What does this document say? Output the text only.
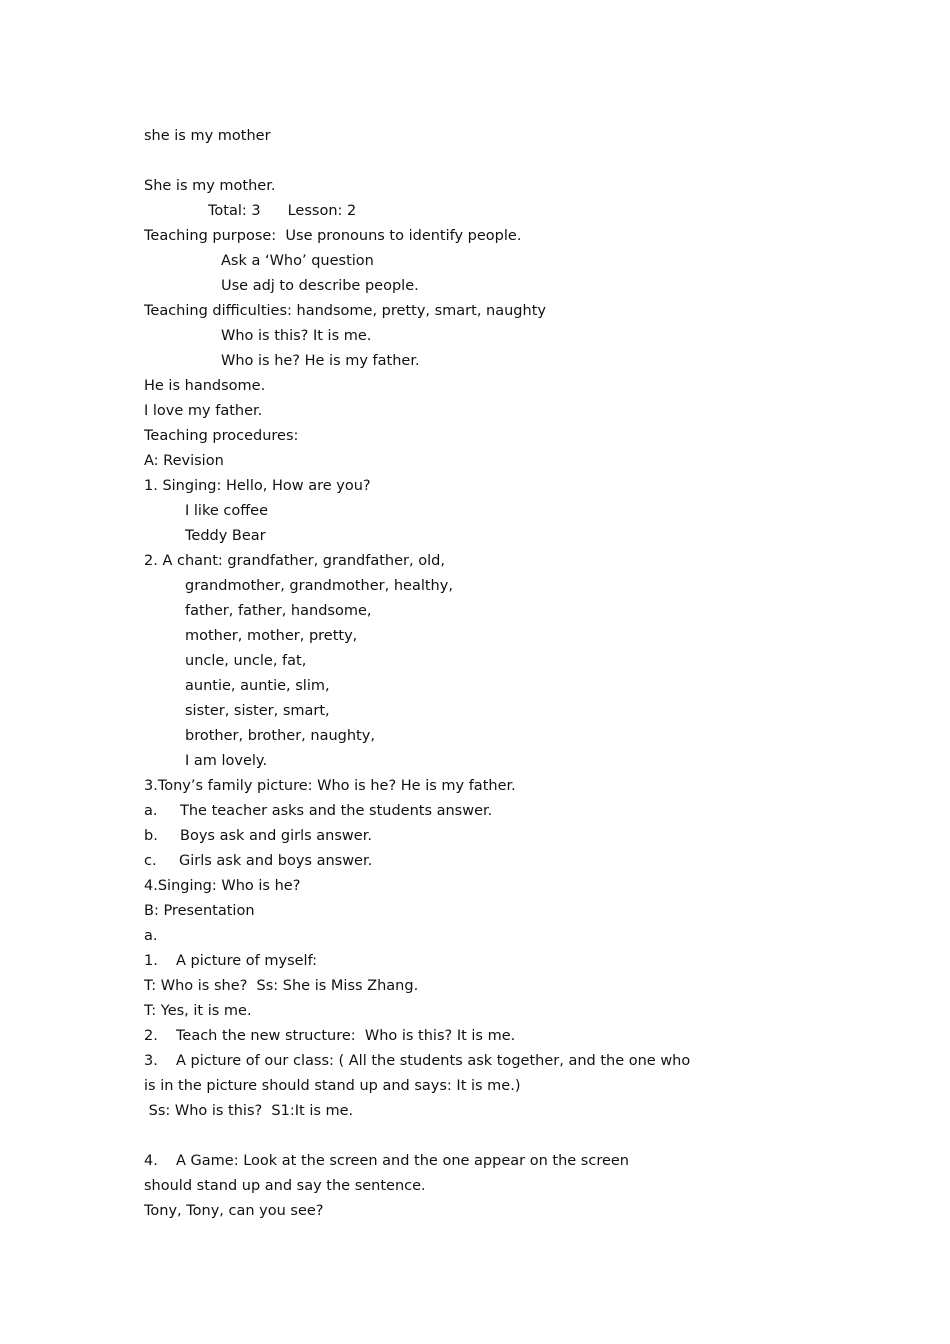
she is my mother
She is my mother.
Total: 3 Lesson: 2
Teaching purpose:  Use pronouns to identify people.
Ask a ‘Who’ question
Use adj to describe people.
Teaching difficulties: handsome, pretty, smart, naughty
Who is this? It is me.
Who is he? He is my father.
He is handsome.
I love my father.
Teaching procedures:
A: Revision
1. Singing: Hello, How are you?
I like coffee
Teddy Bear
2. A chant: grandfather, grandfather, old,
grandmother, grandmother, healthy,
father, father, handsome,
mother, mother, pretty,
uncle, uncle, fat,
auntie, auntie, slim,
sister, sister, smart,
brother, brother, naughty,
I am lovely.
3.Tony’s family picture: Who is he? He is my father.
a. The teacher asks and the students answer.
b. Boys ask and girls answer.
c. Girls ask and boys answer.
4.Singing: Who is he?
B: Presentation
a.
1. A picture of myself:
T: Who is she?  Ss: She is Miss Zhang.
T: Yes, it is me.
2. Teach the new structure:  Who is this? It is me.
3. A picture of our class: ( All the students ask together, and the one who
is in the picture should stand up and says: It is me.)
Ss: Who is this?  S1:It is me.
4. A Game: Look at the screen and the one appear on the screen
should stand up and say the sentence.
Tony, Tony, can you see?
